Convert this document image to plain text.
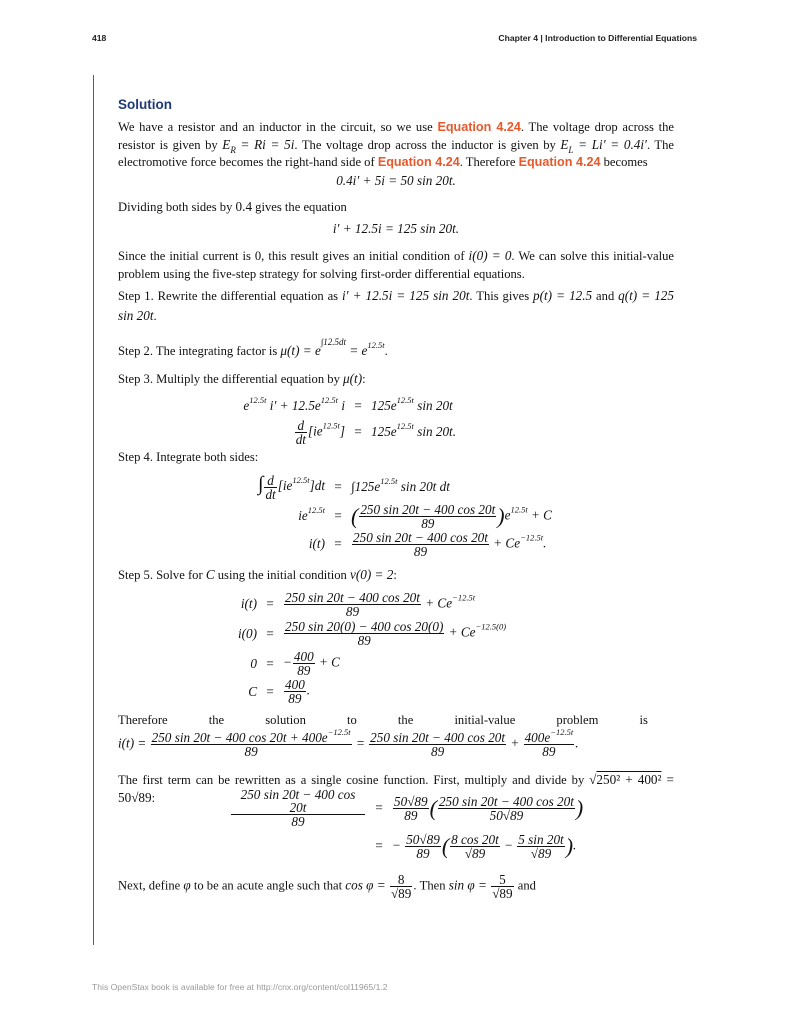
418	Chapter 4 | Introduction to Differential Equations
Solution
We have a resistor and an inductor in the circuit, so we use Equation 4.24. The voltage drop across the resistor is given by $E_R = Ri = 5i$. The voltage drop across the inductor is given by $E_L = Li' = 0.4i'$. The electromotive force becomes the right-hand side of Equation 4.24. Therefore Equation 4.24 becomes
0.4i′ + 5i = 50 sin 20t.
Dividing both sides by 0.4 gives the equation
i′ + 12.5i = 125 sin 20t.
Since the initial current is 0, this result gives an initial condition of i(0) = 0. We can solve this initial-value problem using the five-step strategy for solving first-order differential equations.
Step 1. Rewrite the differential equation as i′ + 12.5i = 125 sin 20t. This gives p(t) = 12.5 and q(t) = 125 sin 20t.
Step 2. The integrating factor is $\mu(t) = e^{\int 12.5dt} = e^{12.5t}$.
Step 3. Multiply the differential equation by μ(t):
$e^{12.5t}$ $i' + 12.5e^{12.5t}$ $i = 125e^{12.5t}$ sin 20t
$\frac{d}{dt} [ie^{12.5t}] = 125e^{12.5t}$ sin 20t.
Step 4. Integrate both sides:
∫ $\frac{d}{dt} [ie^{12.5t}]dt = \int 125e^{12.5t}$ sin 20t dt
$ie^{12.5t}$ = ( $\frac{250 \sin 20t - 400 \cos 20t}{89} )e^{12.5t} + C$
$i(t) = \frac{250 \sin 20t - 400 \cos 20t}{89} + Ce^{-12.5t}$.
Step 5. Solve for C using the initial condition v(0) = 2:
$i(t) = \frac{250 \sin 20t - 400 \cos 20t}{89} + Ce^{-12.5t}$
$i(0) = \frac{250 \sin 20(0) - 400 \cos 20(0)}{89} + Ce^{-12.5(0)}$
0 = − $\frac{400}{89} + C$
$C = \frac{400}{89}$ .
Therefore	the	solution	to	the	initial-value	problem	is
$i(t) = \frac{250 \sin 20t - 400 \cos 20t + 400e^{-12.5t}}{89} = \frac{250 \sin 20t - 400 \cos 20t}{89} + \frac{400e^{-12.5t}}{89}$ .
The first term can be rewritten as a single cosine function. First, multiply and divide by √250² + 400² = 50√89:	$\frac{250 \sin 20t - 400 \cos 20t}{89} = \frac{50√89}{89}$ ( $\frac{250 \sin 20t - 400 \cos 20t}{50√89}$ )
= − $\frac{50√89}{89}$ ( $\frac{8 \cos 20t}{√89} - \frac{5 \sin 20t}{√89}$ ).
Next, define φ to be an acute angle such that $\cos \varphi = \frac{8}{√89}$ . Then $\sin \varphi = \frac{5}{√89}$ and
This OpenStax book is available for free at http://cnx.org/content/col11965/1.2
